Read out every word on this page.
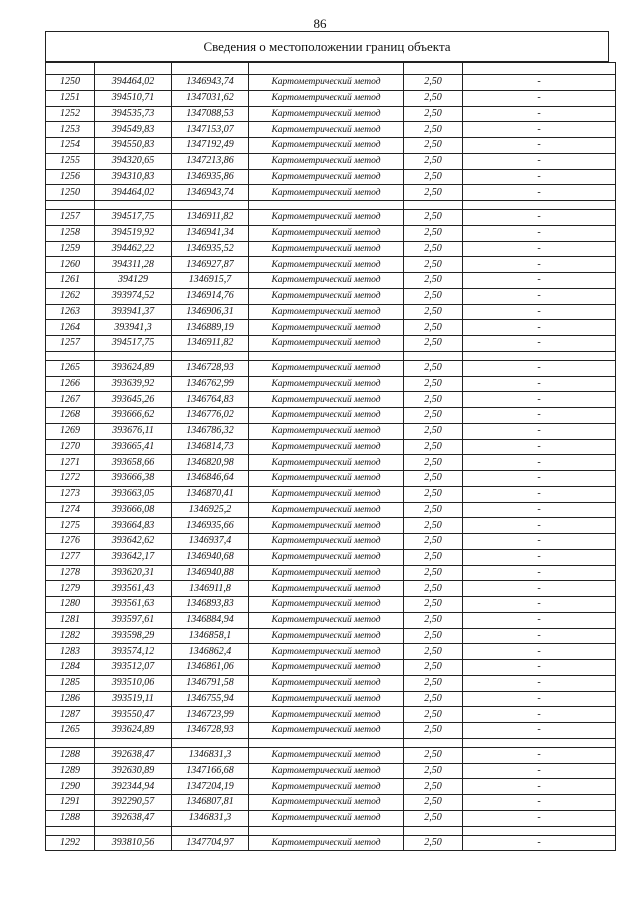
86
Сведения о местоположении границ объекта

1250	394464,02	1346943,74	Картометрический метод	2,50	-
1251	394510,71	1347031,62	Картометрический метод	2,50	-
1252	394535,73	1347088,53	Картометрический метод	2,50	-
1253	394549,83	1347153,07	Картометрический метод	2,50	-
1254	394550,83	1347192,49	Картометрический метод	2,50	-
1255	394320,65	1347213,86	Картометрический метод	2,50	-
1256	394310,83	1346935,86	Картометрический метод	2,50	-
1250	394464,02	1346943,74	Картометрический метод	2,50	-

1257	394517,75	1346911,82	Картометрический метод	2,50	-
1258	394519,92	1346941,34	Картометрический метод	2,50	-
1259	394462,22	1346935,52	Картометрический метод	2,50	-
1260	394311,28	1346927,87	Картометрический метод	2,50	-
1261	394129	1346915,7	Картометрический метод	2,50	-
1262	393974,52	1346914,76	Картометрический метод	2,50	-
1263	393941,37	1346906,31	Картометрический метод	2,50	-
1264	393941,3	1346889,19	Картометрический метод	2,50	-
1257	394517,75	1346911,82	Картометрический метод	2,50	-

1265	393624,89	1346728,93	Картометрический метод	2,50	-
1266	393639,92	1346762,99	Картометрический метод	2,50	-
1267	393645,26	1346764,83	Картометрический метод	2,50	-
1268	393666,62	1346776,02	Картометрический метод	2,50	-
1269	393676,11	1346786,32	Картометрический метод	2,50	-
1270	393665,41	1346814,73	Картометрический метод	2,50	-
1271	393658,66	1346820,98	Картометрический метод	2,50	-
1272	393666,38	1346846,64	Картометрический метод	2,50	-
1273	393663,05	1346870,41	Картометрический метод	2,50	-
1274	393666,08	1346925,2	Картометрический метод	2,50	-
1275	393664,83	1346935,66	Картометрический метод	2,50	-
1276	393642,62	1346937,4	Картометрический метод	2,50	-
1277	393642,17	1346940,68	Картометрический метод	2,50	-
1278	393620,31	1346940,88	Картометрический метод	2,50	-
1279	393561,43	1346911,8	Картометрический метод	2,50	-
1280	393561,63	1346893,83	Картометрический метод	2,50	-
1281	393597,61	1346884,94	Картометрический метод	2,50	-
1282	393598,29	1346858,1	Картометрический метод	2,50	-
1283	393574,12	1346862,4	Картометрический метод	2,50	-
1284	393512,07	1346861,06	Картометрический метод	2,50	-
1285	393510,06	1346791,58	Картометрический метод	2,50	-
1286	393519,11	1346755,94	Картометрический метод	2,50	-
1287	393550,47	1346723,99	Картометрический метод	2,50	-
1265	393624,89	1346728,93	Картометрический метод	2,50	-

1288	392638,47	1346831,3	Картометрический метод	2,50	-
1289	392630,89	1347166,68	Картометрический метод	2,50	-
1290	392344,94	1347204,19	Картометрический метод	2,50	-
1291	392290,57	1346807,81	Картометрический метод	2,50	-
1288	392638,47	1346831,3	Картометрический метод	2,50	-

1292	393810,56	1347704,97	Картометрический метод	2,50	-
